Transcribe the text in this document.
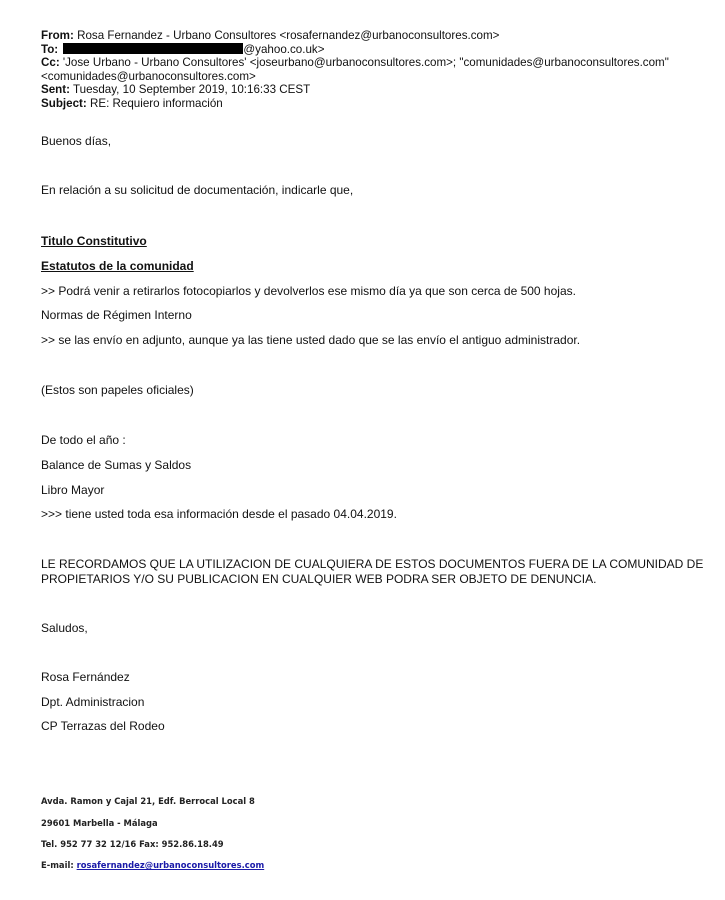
From: Rosa Fernandez - Urbano Consultores <rosafernandez@urbanoconsultores.com>
To:	@yahoo.co.uk>
Cc: 'Jose Urbano - Urbano Consultores' <joseurbano@urbanoconsultores.com>; "comunidades@urbanoconsultores.com"
<comunidades@urbanoconsultores.com>
Sent: Tuesday, 10 September 2019, 10:16:33 CEST
Subject: RE: Requiero información
Buenos días,
En relación a su solicitud de documentación, indicarle que,
Titulo Constitutivo
Estatutos de la comunidad
>> Podrá venir a retirarlos fotocopiarlos y devolverlos ese mismo día ya que son cerca de 500 hojas.
Normas de Régimen Interno
>> se las envío en adjunto, aunque ya las tiene usted dado que se las envío el antiguo administrador.
(Estos son papeles oficiales)
De todo el año :
Balance de Sumas y Saldos
Libro Mayor
>>> tiene usted toda esa información desde el pasado 04.04.2019.
LE RECORDAMOS QUE LA UTILIZACION DE CUALQUIERA DE ESTOS DOCUMENTOS FUERA DE LA COMUNIDAD DE PROPIETARIOS Y/O SU PUBLICACION EN CUALQUIER WEB PODRA SER OBJETO DE DENUNCIA.
Saludos,
Rosa Fernández
Dpt. Administracion
CP Terrazas del Rodeo
Avda. Ramon y Cajal 21, Edf. Berrocal Local 8
29601 Marbella - Málaga
Tel. 952 77 32 12/16 Fax: 952.86.18.49
E-mail: rosafernandez@urbanoconsultores.com
